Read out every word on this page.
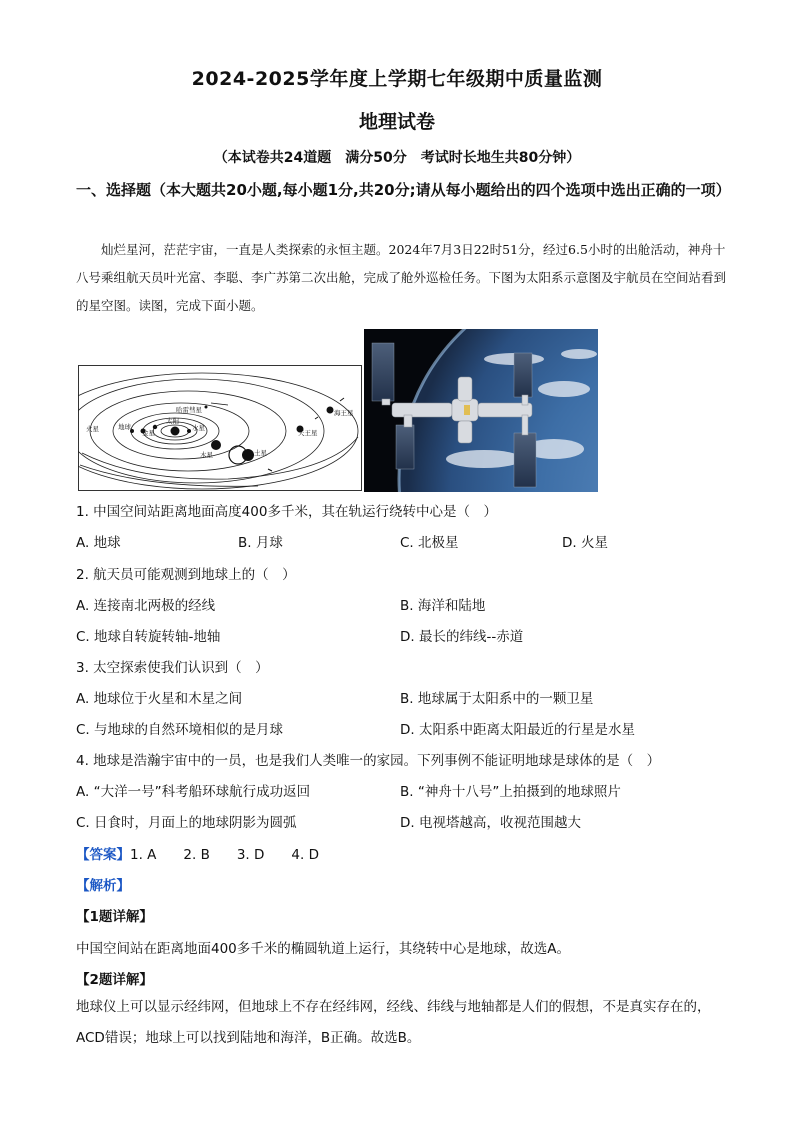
2024-2025学年度上学期七年级期中质量监测
地理试卷
（本试卷共24道题　满分50分　考试时长地生共80分钟）
一、选择题（本大题共20小题,每小题1分,共20分;请从每小题给出的四个选项中选出正确的一项）
灿烂星河，茫茫宇宙，一直是人类探索的永恒主题。2024年7月3日22时51分，经过6.5小时的出舱活动，神舟十八号乘组航天员叶光富、李聪、李广苏第二次出舱，完成了舱外巡检任务。下图为太阳系示意图及宇航员在空间站看到的星空图。读图，完成下面小题。
太阳
水星
金星
地球
火星
木星	土星
天王星
海王星
哈雷彗星
1. 中国空间站距离地面高度400多千米，其在轨运行绕转中心是（　）
A. 地球	B. 月球	C. 北极星	D. 火星
2. 航天员可能观测到地球上的（　）
A. 连接南北两极的经线	B. 海洋和陆地
C. 地球自转旋转轴-地轴	D. 最长的纬线--赤道
3. 太空探索使我们认识到（　）
A. 地球位于火星和木星之间	B. 地球属于太阳系中的一颗卫星
C. 与地球的自然环境相似的是月球	D. 太阳系中距离太阳最近的行星是水星
4. 地球是浩瀚宇宙中的一员，也是我们人类唯一的家园。下列事例不能证明地球是球体的是（　）
A. “大洋一号”科考船环球航行成功返回	B. “神舟十八号”上拍摄到的地球照片
C. 日食时，月面上的地球阴影为圆弧	D. 电视塔越高，收视范围越大
【答案】1. A　　2. B　　3. D　　4. D
【解析】
【1题详解】
中国空间站在距离地面400多千米的椭圆轨道上运行，其绕转中心是地球，故选A。
【2题详解】
地球仪上可以显示经纬网，但地球上不存在经纬网，经线、纬线与地轴都是人们的假想，不是真实存在的，ACD错误；地球上可以找到陆地和海洋，B正确。故选B。
